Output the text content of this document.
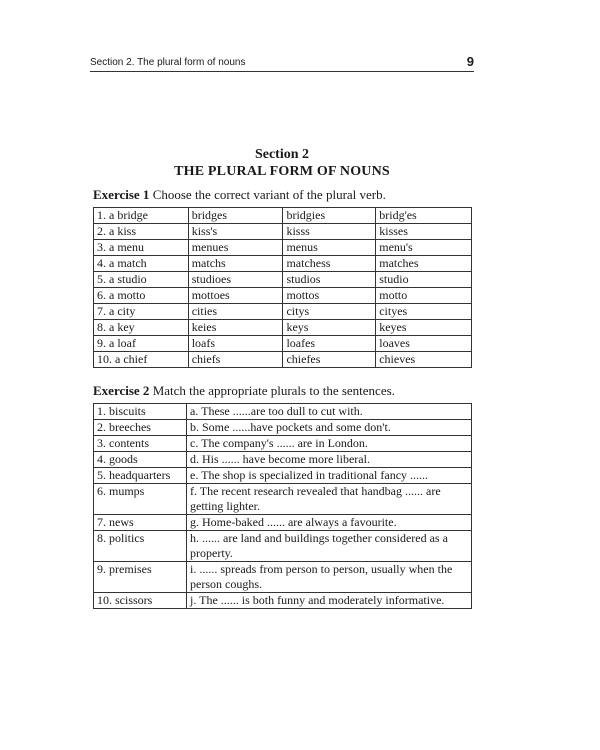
Section 2. The plural form of nouns	9
Section 2
THE PLURAL FORM OF NOUNS
Exercise 1 Choose the correct variant of the plural verb.
1. a bridge	bridges	bridgies	bridg'es
2. a kiss	kiss's	kisss	kisses
3. a menu	menues	menus	menu's
4. a match	matchs	matchess	matches
5. a studio	studioes	studios	studio
6. a motto	mottoes	mottos	motto
7. a city	cities	citys	cityes
8. a key	keies	keys	keyes
9. a loaf	loafs	loafes	loaves
10. a chief	chiefs	chiefes	chieves
Exercise 2 Match the appropriate plurals to the sentences.
1. biscuits	a. These ......are too dull to cut with.
2. breeches	b. Some ......have pockets and some don't.
3. contents	c. The company's ...... are in London.
4. goods	d. His ...... have become more liberal.
5. headquarters	e. The shop is specialized in traditional fancy ......
6. mumps	f. The recent research revealed that handbag ...... are getting lighter.
7. news	g. Home-baked ...... are always a favourite.
8. politics	h. ...... are land and buildings together considered as a property.
9. premises	i. ...... spreads from person to person, usually when the person coughs.
10. scissors	j. The ...... is both funny and moderately informative.
